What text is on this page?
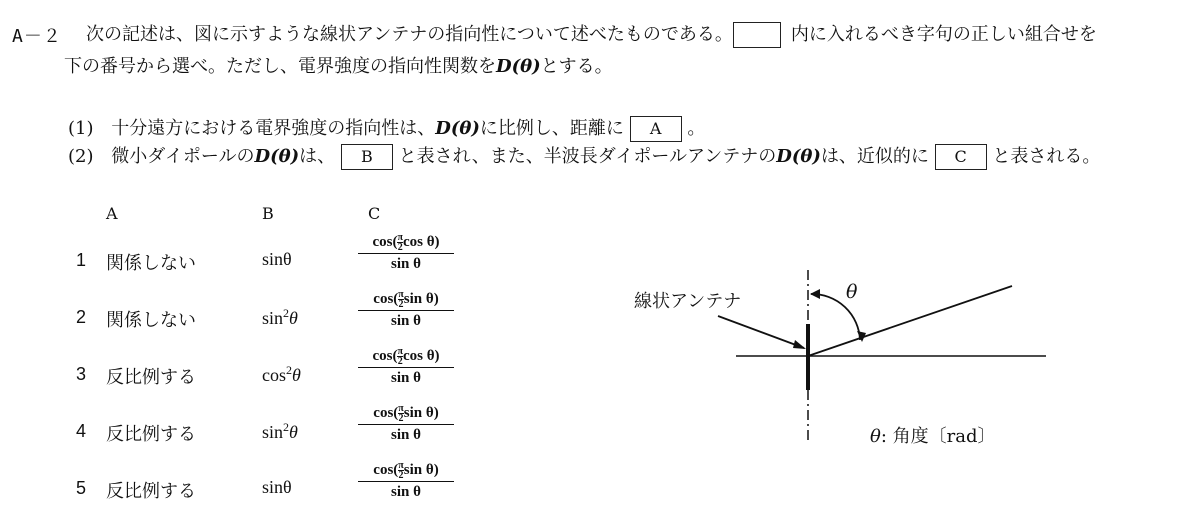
A－２ 次の記述は、図に示すような線状アンテナの指向性について述べたものである。	内に入れるべき字句の正しい組合せを
下の番号から選べ。ただし、電界強度の指向性関数をD(θ)とする。
(1) 十分遠方における電界強度の指向性は、D(θ)に比例し、距離に A 。
(2) 微小ダイポールのD(θ)は、 B と表され、また、半波長ダイポールアンテナのD(θ)は、近似的に C と表される。
A	B	C
1 関係しない	sinθ	$\frac{\cos( \frac{\pi}{2} \cos \theta)}{\text{sin θ}}$
2 関係しない	$\sin^2\theta$	$\frac{\cos( \frac{\pi}{2} \sin \theta)}{\text{sin θ}}$
3 反比例する	$\cos^2\theta$	$\frac{\cos( \frac{\pi}{2} \cos \theta)}{\text{sin θ}}$
4 反比例する	$\sin^2\theta$	$\frac{\cos( \frac{\pi}{2} \sin \theta)}{\text{sin θ}}$
5 反比例する	sinθ	$\frac{\cos( \frac{\pi}{2} \sin \theta)}{\text{sin θ}}$
線状アンテナ	θ
θ: 角度〔rad〕
